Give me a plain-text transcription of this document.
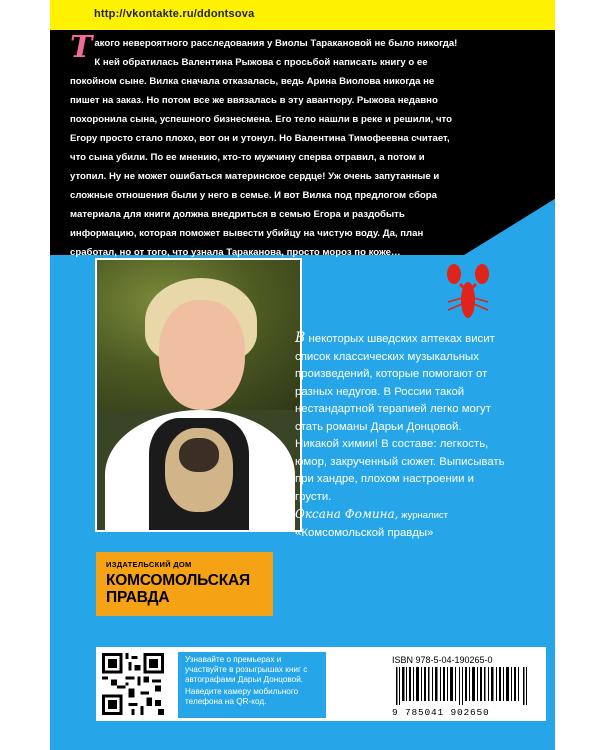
http://vkontakte.ru/ddontsova

Такого невероятного расследования у Виолы Таракановой не было никогда! К ней обратилась Валентина Рыжова с просьбой написать книгу о ее покойном сыне. Вилка сначала отказалась, ведь Арина Виолова никогда не пишет на заказ. Но потом все же ввязалась в эту авантюру. Рыжова недавно похоронила сына, успешного бизнесмена. Его тело нашли в реке и решили, что Егору просто стало плохо, вот он и утонул. Но Валентина Тимофеевна считает, что сына убили. По ее мнению, кто-то мужчину сперва отравил, а потом и утопил. Ну не может ошибаться материнское сердце! Уж очень запутанные и сложные отношения были у него в семье. И вот Вилка под предлогом сбора материала для книги должна внедриться в семью Егора и раздобыть информацию, которая поможет вывести убийцу на чистую воду. Да, план сработал, но от того, что узнала Тараканова, просто мороз по коже…

В некоторых шведских аптеках висит список классических музыкальных произведений, которые помогают от разных недугов. В России такой нестандартной терапией легко могут стать романы Дарьи Донцовой. Никакой химии! В составе: легкость, юмор, закрученный сюжет. Выписывать при хандре, плохом настроении и грусти.

Оксана Фомина, журналист

«Комсомольской правды»

ИЗДАТЕЛЬСКИЙ ДОМ
КОМСОМОЛЬСКАЯ
ПРАВДА

Узнавайте о премьерах и участвуйте в розыгрышах книг с автографами Дарьи Донцовой.

Наведите камеру мобильного телефона на QR-код.

ISBN 978-5-04-190265-0
9 785041 902650
